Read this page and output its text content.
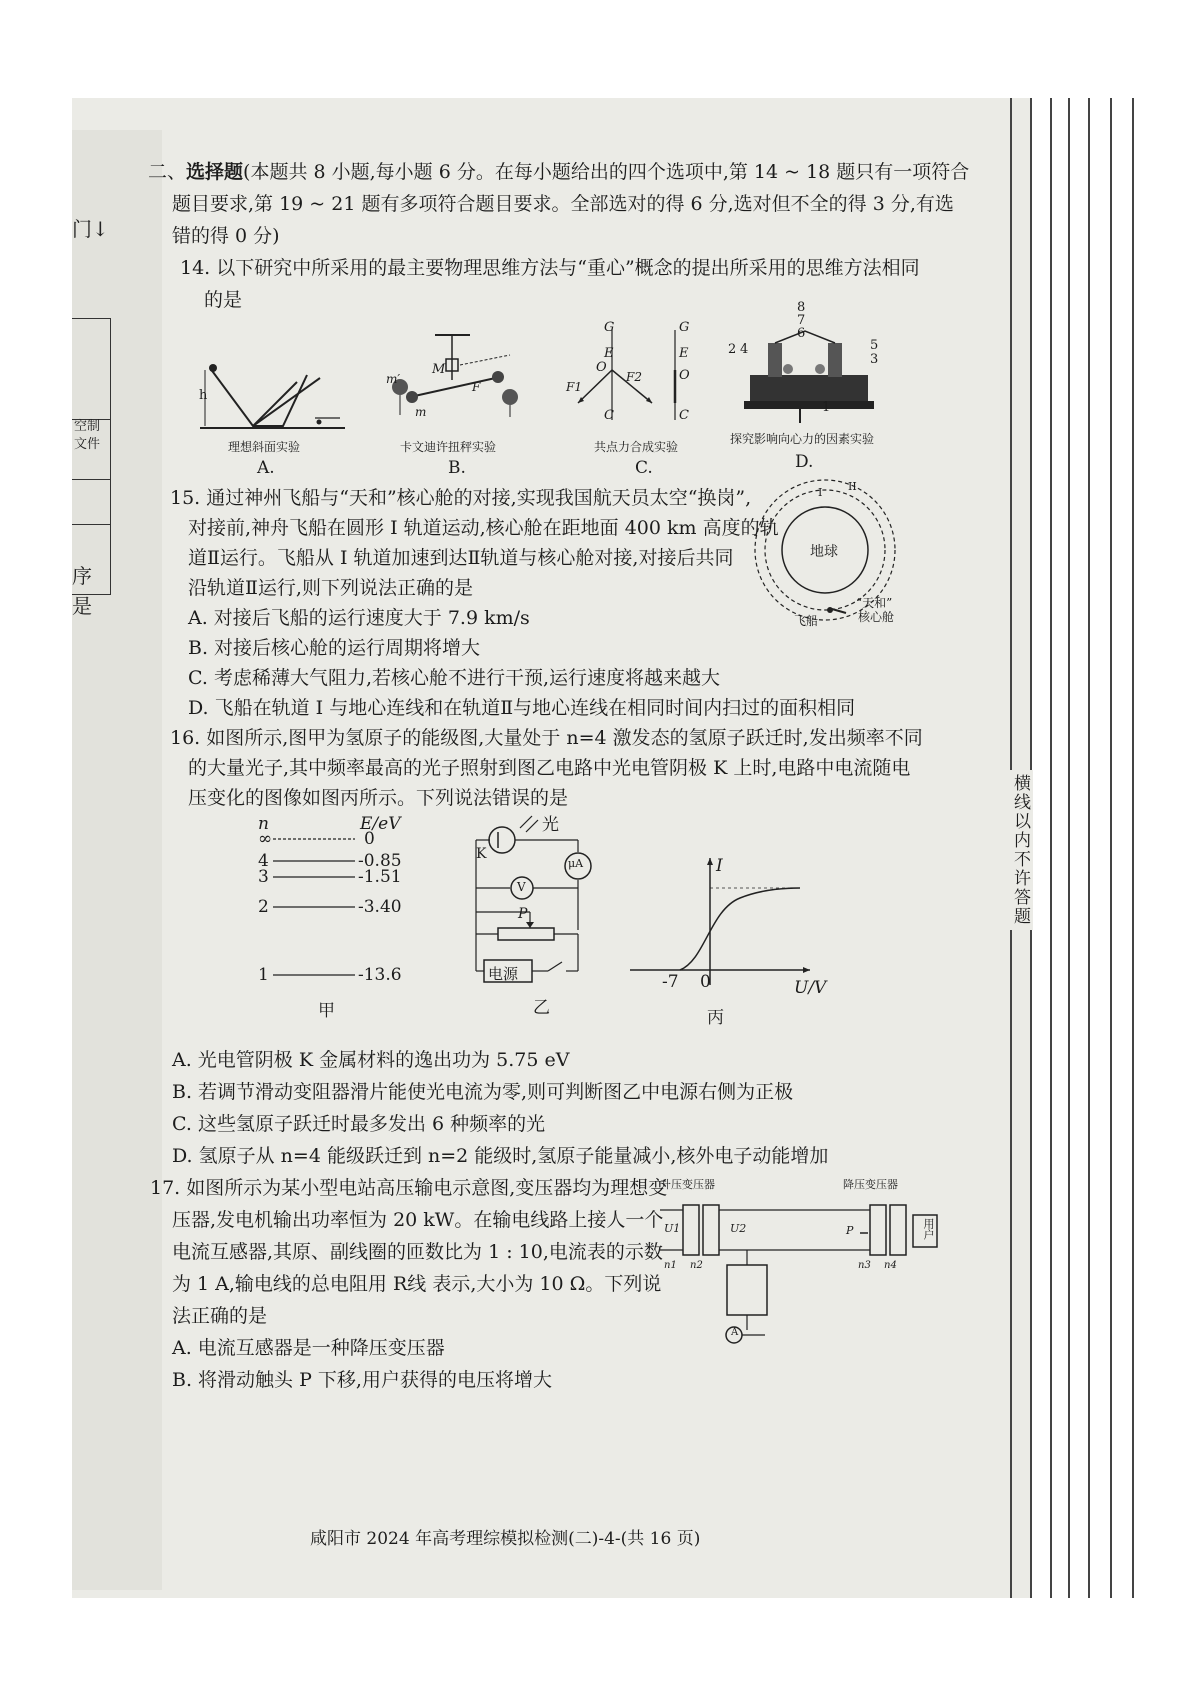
门↓
空制
文件
序
是
横线以内不许答题
二、选择题(本题共 8 小题,每小题 6 分。在每小题给出的四个选项中,第 14 ~ 18 题只有一项符合
题目要求,第 19 ~ 21 题有多项符合题目要求。全部选对的得 6 分,选对但不全的得 3 分,有选
错的得 0 分)
14. 以下研究中所采用的最主要物理思维方法与“重心”概念的提出所采用的思维方法相同
的是
h
理想斜面实验
A.
M
m′
F
m
卡文迪许扭秤实验
B.
G	G
E	E
O
O
F1
F2
C	C
共点力合成实验
C.
8
7
6
2 4	5
3
1
探究影响向心力的因素实验
D.
15. 通过神州飞船与“天和”核心舱的对接,实现我国航天员太空“换岗”,
对接前,神舟飞船在圆形 I 轨道运动,核心舱在距地面 400 km 高度的轨
道Ⅱ运行。飞船从 I 轨道加速到达Ⅱ轨道与核心舱对接,对接后共同
沿轨道Ⅱ运行,则下列说法正确的是
A. 对接后飞船的运行速度大于 7.9 km/s
B. 对接后核心舱的运行周期将增大
C. 考虑稀薄大气阻力,若核心舱不进行干预,运行速度将越来越大
D. 飞船在轨道 I 与地心连线和在轨道Ⅱ与地心连线在相同时间内扫过的面积相同
地球
I II
飞船
“天和”
核心舱
16. 如图所示,图甲为氢原子的能级图,大量处于 n=4 激发态的氢原子跃迁时,发出频率不同
的大量光子,其中频率最高的光子照射到图乙电路中光电管阴极 K 上时,电路中电流随电
压变化的图像如图丙所示。下列说法错误的是
n	E/eV
∞	0
4	-0.85
3	-1.51
2	-3.40
1	-13.6
甲
光
K
μA
V
P
电源
乙
I
-7 0	U/V
丙
A. 光电管阴极 K 金属材料的逸出功为 5.75 eV
B. 若调节滑动变阻器滑片能使光电流为零,则可判断图乙中电源右侧为正极
C. 这些氢原子跃迁时最多发出 6 种频率的光
D. 氢原子从 n=4 能级跃迁到 n=2 能级时,氢原子能量减小,核外电子动能增加
17. 如图所示为某小型电站高压输电示意图,变压器均为理想变
压器,发电机输出功率恒为 20 kW。在输电线路上接人一个
电流互感器,其原、副线圈的匝数比为 1 : 10,电流表的示数
为 1 A,输电线的总电阻用 R线 表示,大小为 10 Ω。下列说
法正确的是
A. 电流互感器是一种降压变压器
B. 将滑动触头 P 下移,用户获得的电压将增大
升压变压器	降压变压器
用户
U1	U2
n1 n2	n3 n4
P
A
咸阳市 2024 年高考理综模拟检测(二)-4-(共 16 页)
